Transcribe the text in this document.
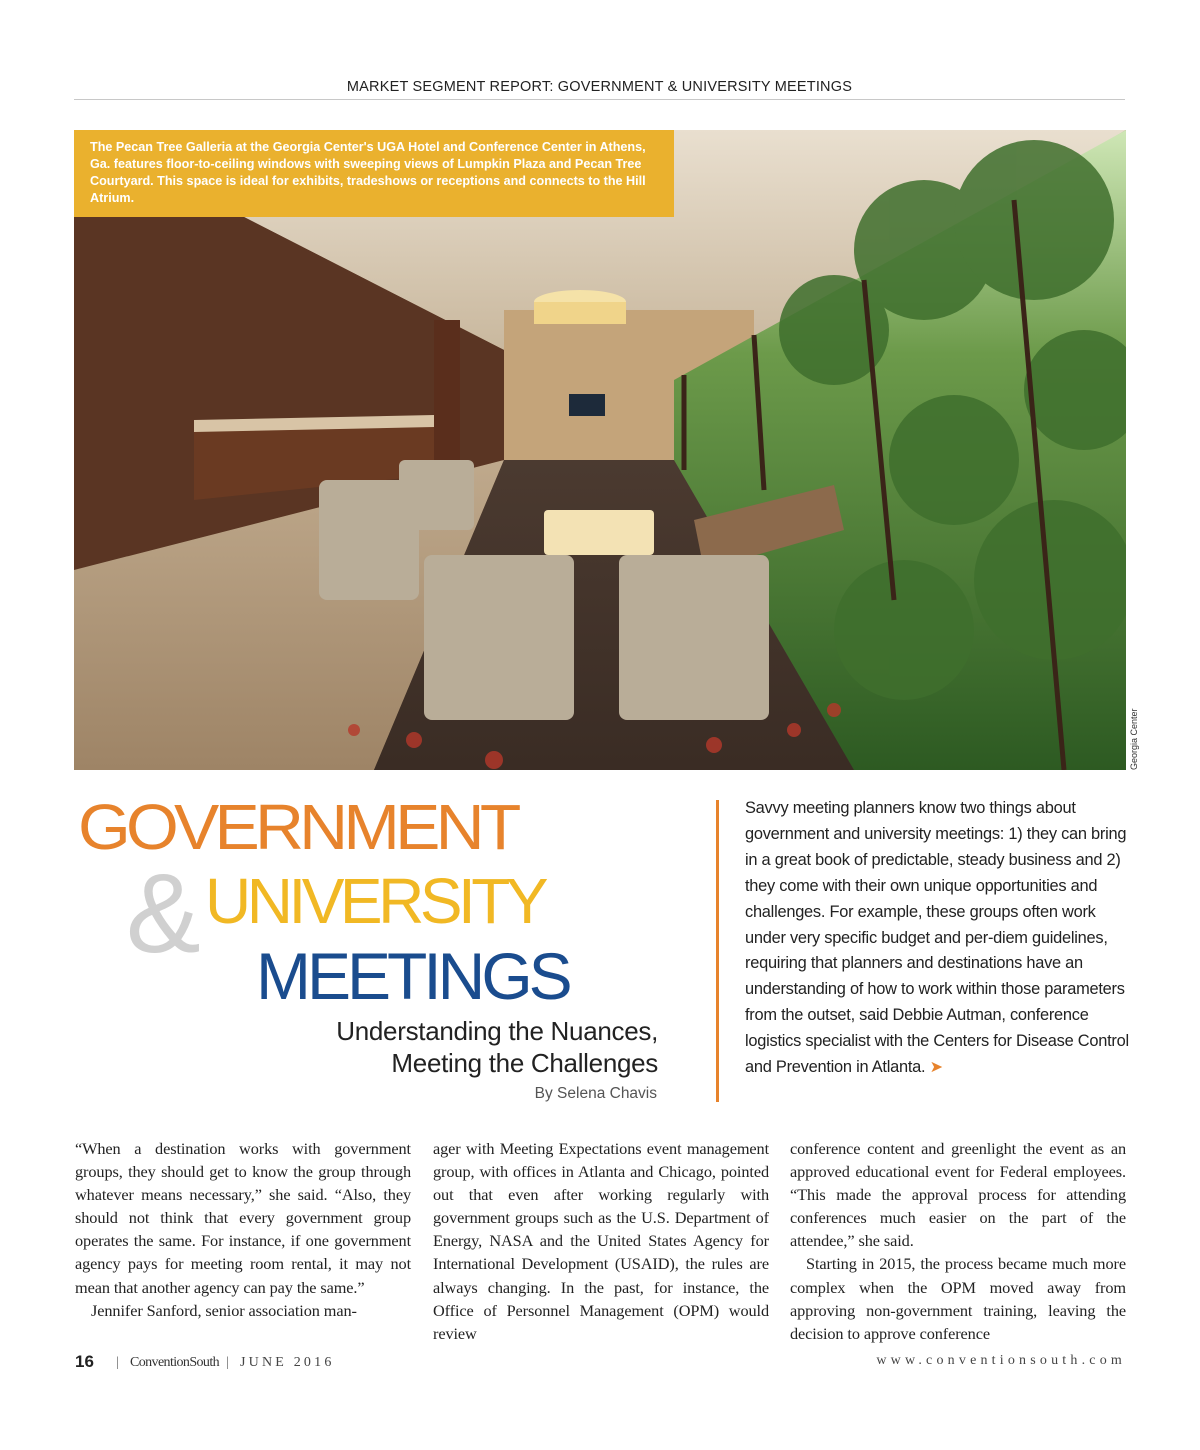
MARKET SEGMENT REPORT: GOVERNMENT & UNIVERSITY MEETINGS
The Pecan Tree Galleria at the Georgia Center's UGA Hotel and Conference Center in Athens, Ga. features floor-to-ceiling windows with sweeping views of Lumpkin Plaza and Pecan Tree Courtyard. This space is ideal for exhibits, tradeshows or receptions and connects to the Hill Atrium.
Georgia Center
&
GOVERNMENT
UNIVERSITY
MEETINGS
Understanding the Nuances,
Meeting the Challenges
By Selena Chavis
Savvy meeting planners know two things about government and university meetings: 1) they can bring in a great book of predictable, steady business and 2) they come with their own unique opportunities and challenges. For example, these groups often work under very specific budget and per-diem guidelines, requiring that planners and destinations have an understanding of how to work within those parameters from the outset, said Debbie Autman, conference logistics specialist with the Centers for Disease Control and Prevention in Atlanta. ➤

“When a destination works with government groups, they should get to know the group through whatever means necessary,” she said. “Also, they should not think that every government group operates the same. For instance, if one government agency pays for meeting room rental, it may not mean that another agency can pay the same.”

Jennifer Sanford, senior association man-

ager with Meeting Expectations event management group, with offices in Atlanta and Chicago, pointed out that even after working regularly with government groups such as the U.S. Department of Energy, NASA and the United States Agency for International Development (USAID), the rules are always changing. In the past, for instance, the Office of Personnel Management (OPM) would review

conference content and greenlight the event as an approved educational event for Federal employees. “This made the approval process for attending conferences much easier on the part of the attendee,” she said.

Starting in 2015, the process became much more complex when the OPM moved away from approving non-government training, leaving the decision to approve conference

16 | ConventionSouth | JUNE 2016	www.conventionsouth.com
